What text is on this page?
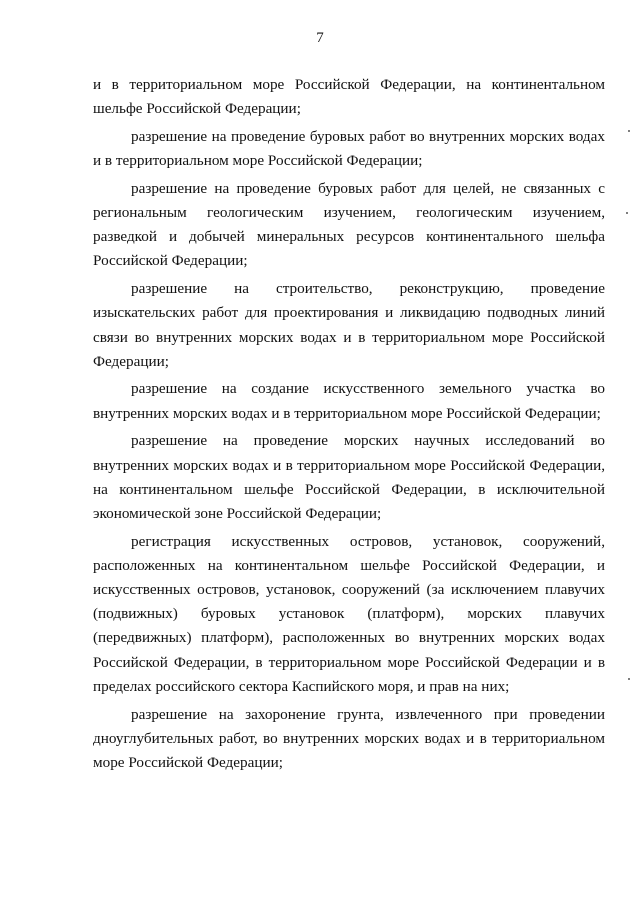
7

и в территориальном море Российской Федерации, на континентальном шельфе Российской Федерации;

разрешение на проведение буровых работ во внутренних морских водах и в территориальном море Российской Федерации;

разрешение на проведение буровых работ для целей, не связанных с региональным геологическим изучением, геологическим изучением, разведкой и добычей минеральных ресурсов континентального шельфа Российской Федерации;

разрешение на строительство, реконструкцию, проведение изыскательских работ для проектирования и ликвидацию подводных линий связи во внутренних морских водах и в территориальном море Российской Федерации;

разрешение на создание искусственного земельного участка во внутренних морских водах и в территориальном море Российской Федерации;

разрешение на проведение морских научных исследований во внутренних морских водах и в территориальном море Российской Федерации, на континентальном шельфе Российской Федерации, в исключительной экономической зоне Российской Федерации;

регистрация искусственных островов, установок, сооружений, расположенных на континентальном шельфе Российской Федерации, и искусственных островов, установок, сооружений (за исключением плавучих (подвижных) буровых установок (платформ), морских плавучих (передвижных) платформ), расположенных во внутренних морских водах Российской Федерации, в территориальном море Российской Федерации и в пределах российского сектора Каспийского моря, и прав на них;

разрешение на захоронение грунта, извлеченного при проведении дноуглубительных работ, во внутренних морских водах и в территориальном море Российской Федерации;
